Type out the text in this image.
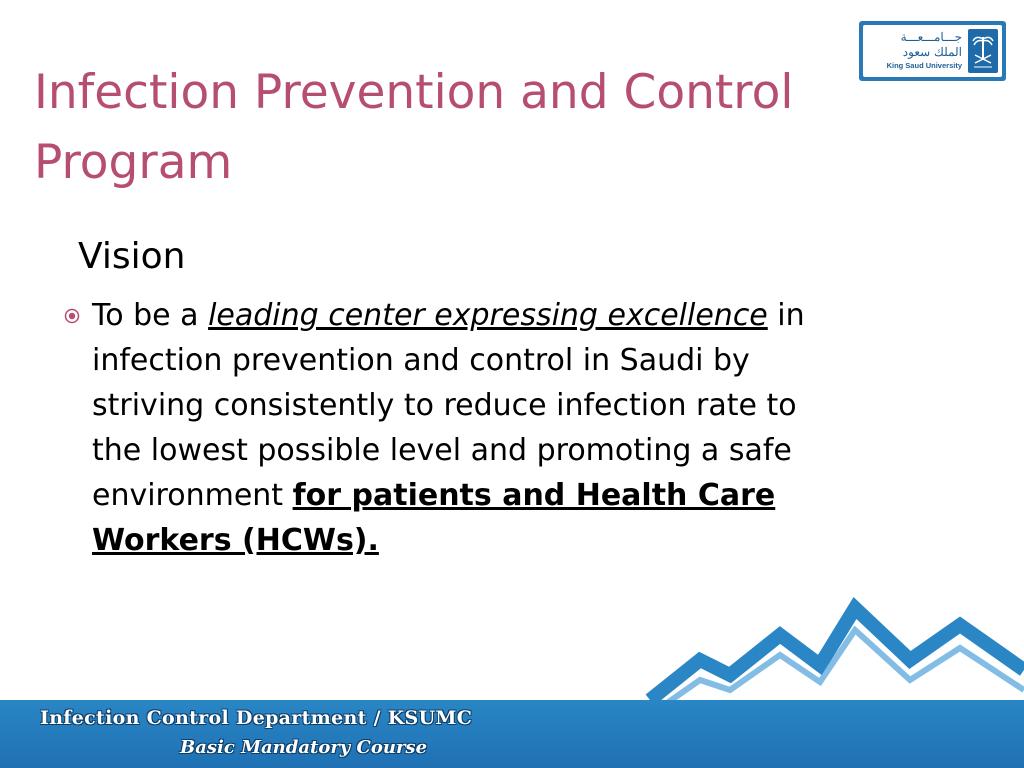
Infection Prevention and Control Program
جـــامـــعـــة
الملك سعود
King Saud University
Vision

To be a leading center expressing excellence in infection prevention and control in Saudi by striving consistently to reduce infection rate to the lowest possible level and promoting a safe environment for patients and Health Care Workers (HCWs).

Infection Control Department / KSUMC
Basic Mandatory Course
